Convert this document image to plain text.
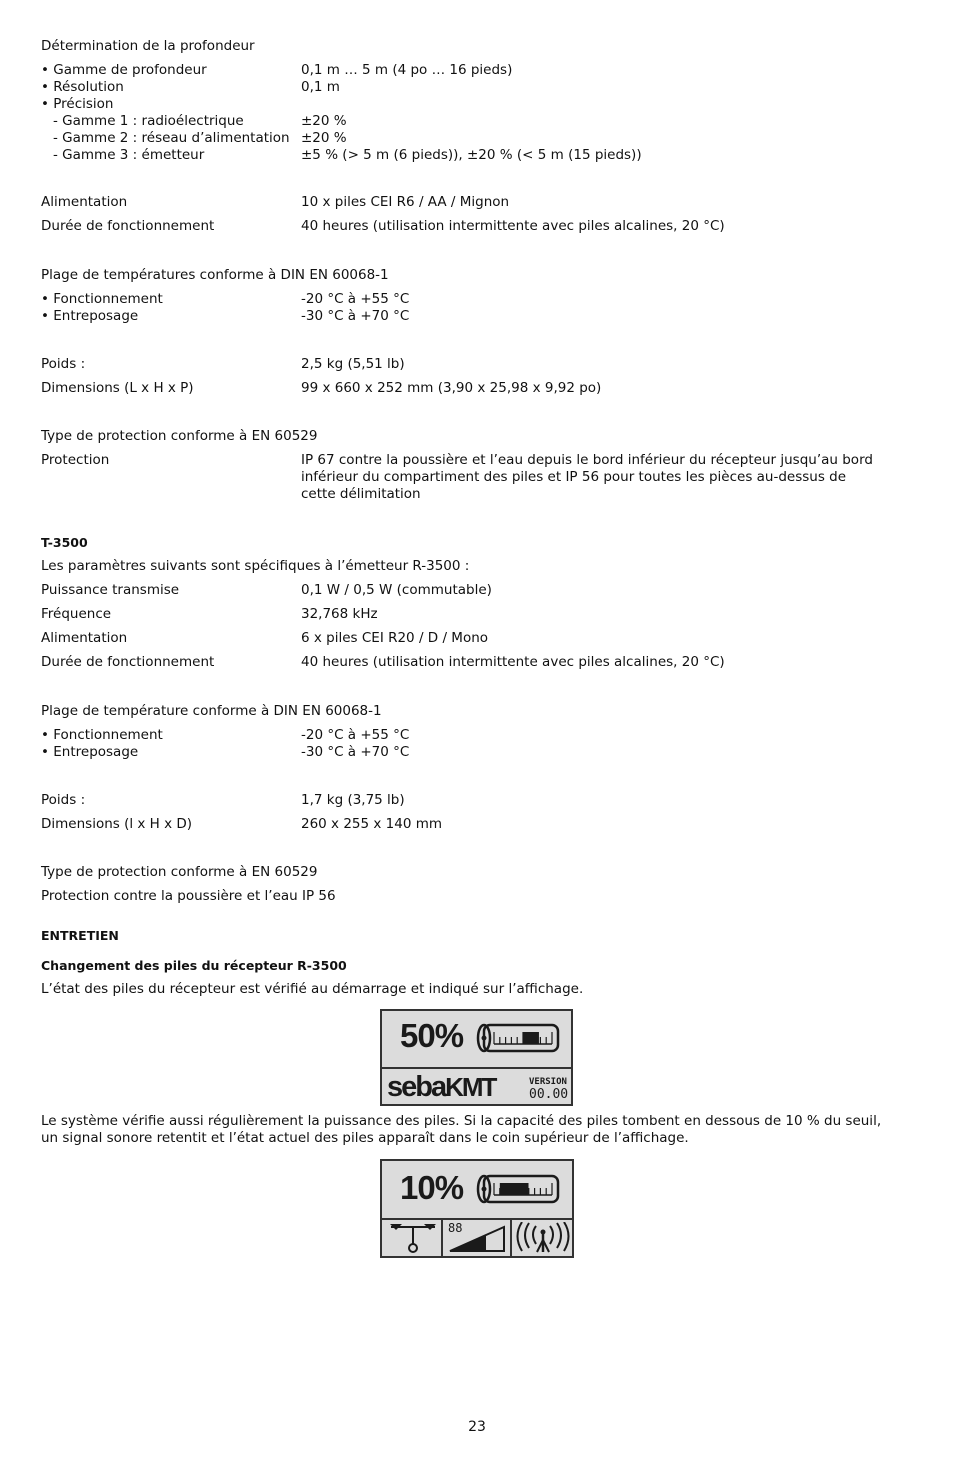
Détermination de la profondeur
• Gamme de profondeur	0,1 m … 5 m (4 po … 16 pieds)
• Résolution	0,1 m
• Précision
- Gamme 1 : radioélectrique	±20 %
- Gamme 2 : réseau d’alimentation ±20 %
- Gamme 3 : émetteur	±5 % (> 5 m (6 pieds)), ±20 % (< 5 m (15 pieds))
Alimentation	10 x piles CEI R6 / AA / Mignon
Durée de fonctionnement	40 heures (utilisation intermittente avec piles alcalines, 20 °C)
Plage de températures conforme à DIN EN 60068-1
• Fonctionnement	-20 °C à +55 °C
• Entreposage	-30 °C à +70 °C
Poids :	2,5 kg (5,51 lb)
Dimensions (L x H x P)	99 x 660 x 252 mm (3,90 x 25,98 x 9,92 po)
Type de protection conforme à EN 60529
Protection	IP 67 contre la poussière et l’eau depuis le bord inférieur du récepteur jusqu’au bord inférieur du compartiment des piles et IP 56 pour toutes les pièces au-dessus de cette délimitation
T-3500
Les paramètres suivants sont spécifiques à l’émetteur R-3500 :
Puissance transmise	0,1 W / 0,5 W (commutable)
Fréquence	32,768 kHz
Alimentation	6 x piles CEI R20 / D / Mono
Durée de fonctionnement	40 heures (utilisation intermittente avec piles alcalines, 20 °C)
Plage de température conforme à DIN EN 60068-1
• Fonctionnement	-20 °C à +55 °C
• Entreposage	-30 °C à +70 °C
Poids :	1,7 kg (3,75 lb)
Dimensions (l x H x D)	260 x 255 x 140 mm
Type de protection conforme à EN 60529
Protection contre la poussière et l’eau IP 56
ENTRETIEN
Changement des piles du récepteur R-3500
L’état des piles du récepteur est vérifié au démarrage et indiqué sur l’affichage.
50%
sebaKMT	VERSION
00.00
Le système vérifie aussi régulièrement la puissance des piles. Si la capacité des piles tombent en dessous de 10 % du seuil, un signal sonore retentit et l’état actuel des piles apparaît dans le coin supérieur de l’affichage.
10%
88
23
